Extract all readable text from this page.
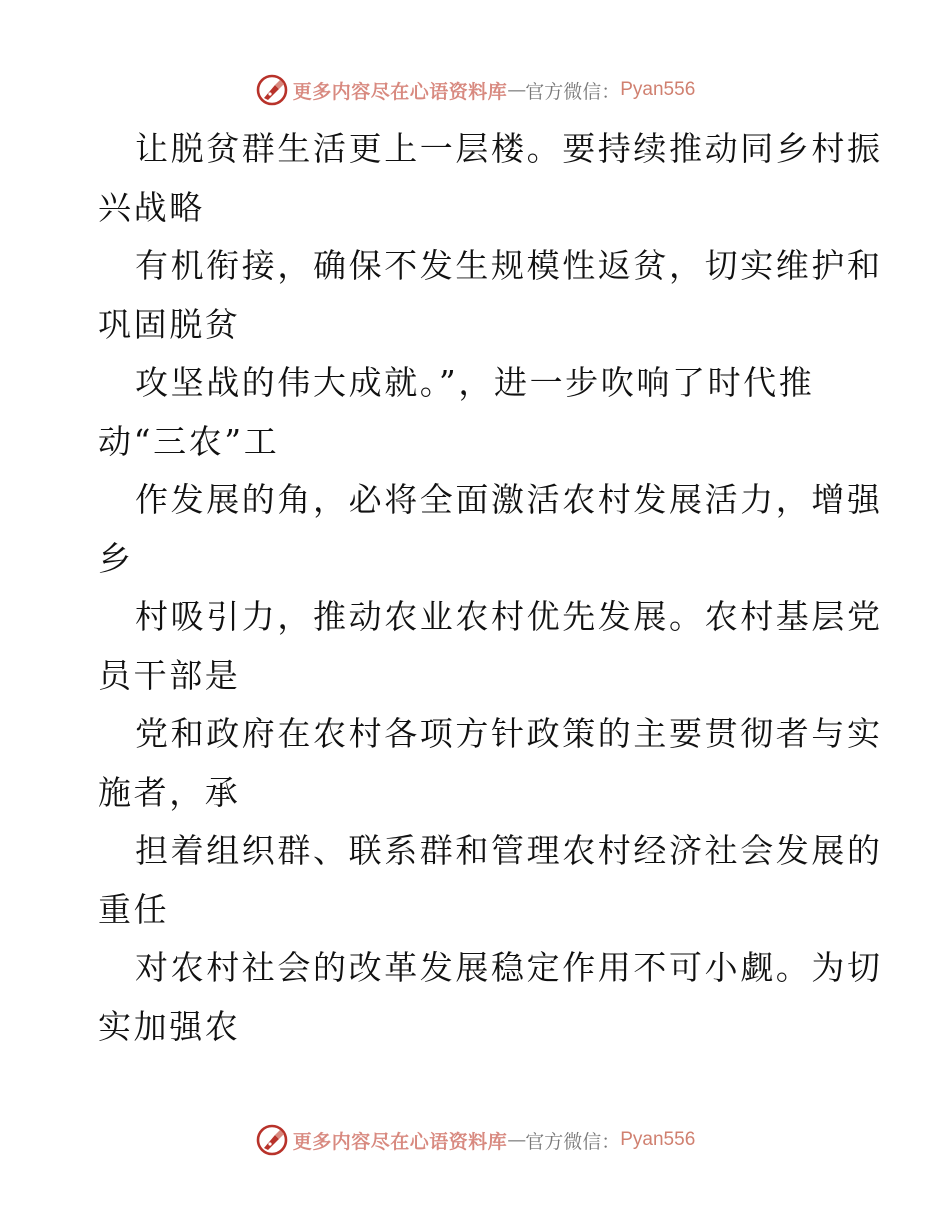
更多内容尽在心语资料库 — 官方微信： Pyan556
让脱贫群生活更上一层楼。要持续推动同乡村振
兴战略
有机衔接，确保不发生规模性返贫，切实维护和
巩固脱贫
攻坚战的伟大成就。”，进一步吹响了时代推
动“三农”工
作发展的角，必将全面激活农村发展活力，增强
乡
村吸引力，推动农业农村优先发展。农村基层党
员干部是
党和政府在农村各项方针政策的主要贯彻者与实
施者，承
担着组织群、联系群和管理农村经济社会发展的
重任
对农村社会的改革发展稳定作用不可小觑。为切
实加强农
更多内容尽在心语资料库 — 官方微信： Pyan556
